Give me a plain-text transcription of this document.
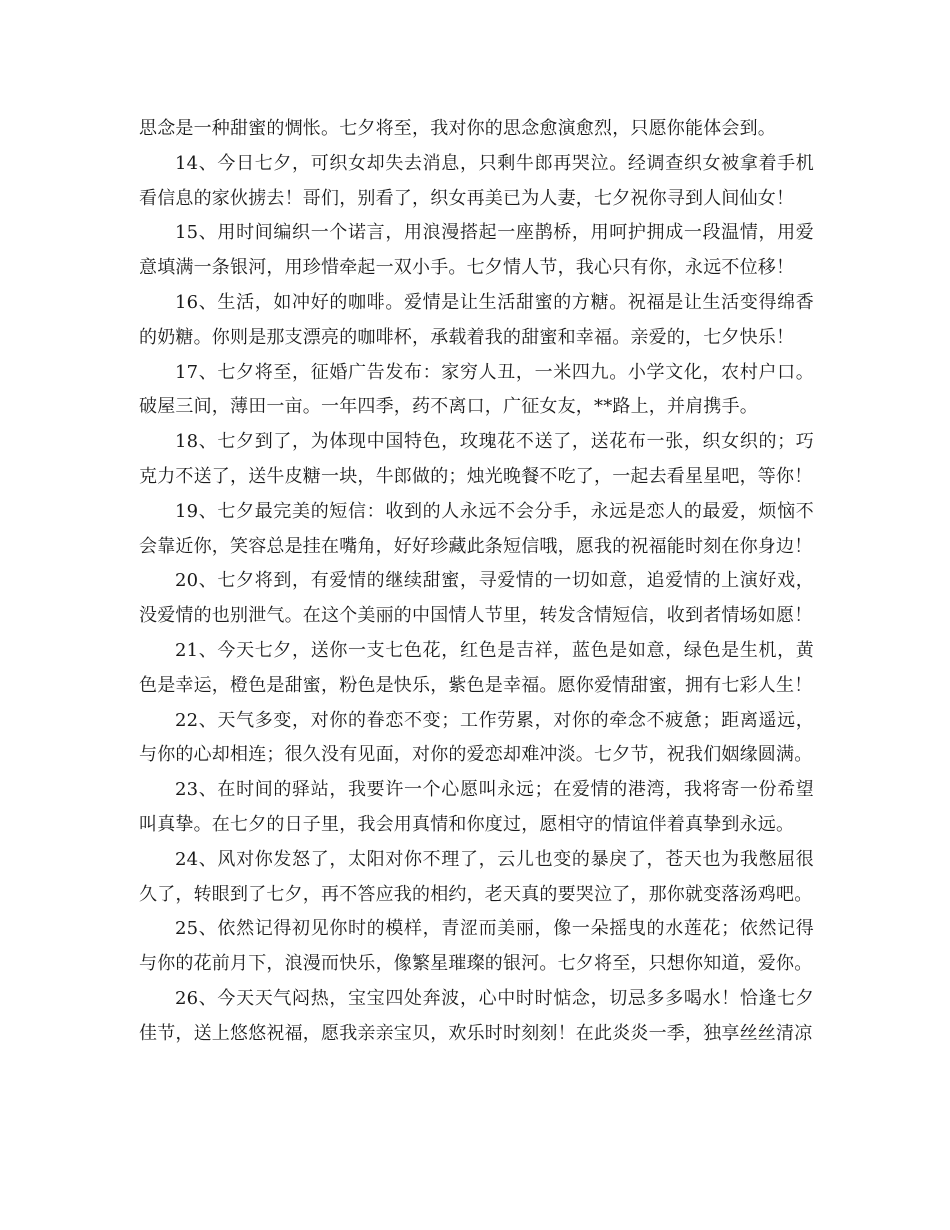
思念是一种甜蜜的惆怅。七夕将至，我对你的思念愈演愈烈，只愿你能体会到。

14、今日七夕，可织女却失去消息，只剩牛郎再哭泣。经调查织女被拿着手机看信息的家伙掳去！哥们，别看了，织女再美已为人妻，七夕祝你寻到人间仙女！

15、用时间编织一个诺言，用浪漫搭起一座鹊桥，用呵护拥成一段温情，用爱意填满一条银河，用珍惜牵起一双小手。七夕情人节，我心只有你，永远不位移！

16、生活，如冲好的咖啡。爱情是让生活甜蜜的方糖。祝福是让生活变得绵香的奶糖。你则是那支漂亮的咖啡杯，承载着我的甜蜜和幸福。亲爱的，七夕快乐！

17、七夕将至，征婚广告发布：家穷人丑，一米四九。小学文化，农村户口。破屋三间，薄田一亩。一年四季，药不离口，广征女友，**路上，并肩携手。

18、七夕到了，为体现中国特色，玫瑰花不送了，送花布一张，织女织的；巧克力不送了，送牛皮糖一块，牛郎做的；烛光晚餐不吃了，一起去看星星吧，等你！

19、七夕最完美的短信：收到的人永远不会分手，永远是恋人的最爱，烦恼不会靠近你，笑容总是挂在嘴角，好好珍藏此条短信哦，愿我的祝福能时刻在你身边！

20、七夕将到，有爱情的继续甜蜜，寻爱情的一切如意，追爱情的上演好戏，没爱情的也别泄气。在这个美丽的中国情人节里，转发含情短信，收到者情场如愿！

21、今天七夕，送你一支七色花，红色是吉祥，蓝色是如意，绿色是生机，黄色是幸运，橙色是甜蜜，粉色是快乐，紫色是幸福。愿你爱情甜蜜，拥有七彩人生！

22、天气多变，对你的眷恋不变；工作劳累，对你的牵念不疲惫；距离遥远，与你的心却相连；很久没有见面，对你的爱恋却难冲淡。七夕节，祝我们姻缘圆满。

23、在时间的驿站，我要许一个心愿叫永远；在爱情的港湾，我将寄一份希望叫真挚。在七夕的日子里，我会用真情和你度过，愿相守的情谊伴着真挚到永远。

24、风对你发怒了，太阳对你不理了，云儿也变的暴戾了，苍天也为我憋屈很久了，转眼到了七夕，再不答应我的相约，老天真的要哭泣了，那你就变落汤鸡吧。

25、依然记得初见你时的模样，青涩而美丽，像一朵摇曳的水莲花；依然记得与你的花前月下，浪漫而快乐，像繁星璀璨的银河。七夕将至，只想你知道，爱你。

26、今天天气闷热，宝宝四处奔波，心中时时惦念，切忌多多喝水！恰逢七夕佳节，送上悠悠祝福，愿我亲亲宝贝，欢乐时时刻刻！在此炎炎一季，独享丝丝清凉
